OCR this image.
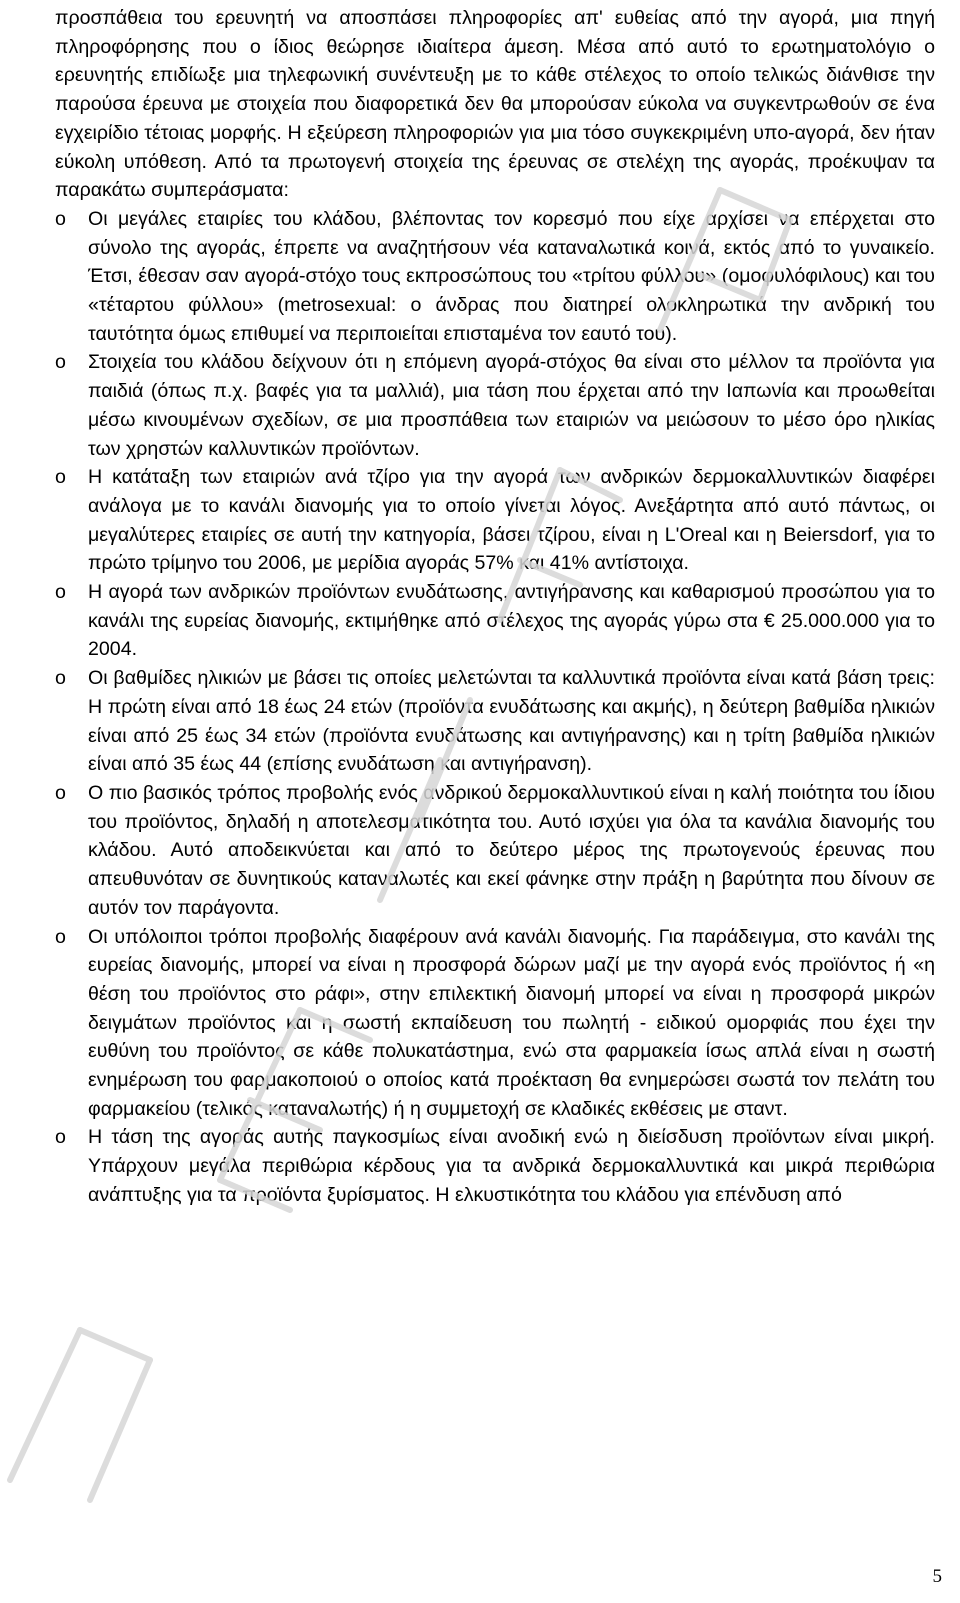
προσπάθεια του ερευνητή να αποσπάσει πληροφορίες απ' ευθείας από την αγορά, μια πηγή πληροφόρησης που ο ίδιος θεώρησε ιδιαίτερα άμεση. Μέσα από αυτό το ερωτηματολόγιο ο ερευνητής επιδίωξε μια τηλεφωνική συνέντευξη με το κάθε στέλεχος το οποίο τελικώς διάνθισε την παρούσα έρευνα με στοιχεία που διαφορετικά δεν θα μπορούσαν εύκολα να συγκεντρωθούν σε ένα εγχειρίδιο τέτοιας μορφής. Η εξεύρεση πληροφοριών για μια τόσο συγκεκριμένη υπο-αγορά, δεν ήταν εύκολη υπόθεση. Από τα πρωτογενή στοιχεία της έρευνας σε στελέχη της αγοράς, προέκυψαν τα παρακάτω συμπεράσματα:

o Οι μεγάλες εταιρίες του κλάδου, βλέποντας τον κορεσμό που είχε αρχίσει να επέρχεται στο σύνολο της αγοράς, έπρεπε να αναζητήσουν νέα καταναλωτικά κοινά, εκτός από το γυναικείο. Έτσι, έθεσαν σαν αγορά-στόχο τους εκπροσώπους του «τρίτου φύλλου» (ομοφυλόφιλους) και του «τέταρτου φύλλου» (metrosexual: ο άνδρας που διατηρεί ολοκληρωτικά την ανδρική του ταυτότητα όμως επιθυμεί να περιποιείται επισταμένα τον εαυτό του).
o Στοιχεία του κλάδου δείχνουν ότι η επόμενη αγορά-στόχος θα είναι στο μέλλον τα προϊόντα για παιδιά (όπως π.χ. βαφές για τα μαλλιά), μια τάση που έρχεται από την Ιαπωνία και προωθείται μέσω κινουμένων σχεδίων, σε μια προσπάθεια των εταιριών να μειώσουν το μέσο όρο ηλικίας των χρηστών καλλυντικών προϊόντων.
o Η κατάταξη των εταιριών ανά τζίρο για την αγορά των ανδρικών δερμοκαλλυντικών διαφέρει ανάλογα με το κανάλι διανομής για το οποίο γίνεται λόγος. Ανεξάρτητα από αυτό πάντως, οι μεγαλύτερες εταιρίες σε αυτή την κατηγορία, βάσει τζίρου, είναι η L'Oreal και η Beiersdorf, για το πρώτο τρίμηνο του 2006, με μερίδια αγοράς 57% και 41% αντίστοιχα.
o Η αγορά των ανδρικών προϊόντων ενυδάτωσης, αντιγήρανσης και καθαρισμού προσώπου για το κανάλι της ευρείας διανομής, εκτιμήθηκε από στέλεχος της αγοράς γύρω στα € 25.000.000 για το 2004.
o Οι βαθμίδες ηλικιών με βάσει τις οποίες μελετώνται τα καλλυντικά προϊόντα είναι κατά βάση τρεις: Η πρώτη είναι από 18 έως 24 ετών (προϊόντα ενυδάτωσης και ακμής), η δεύτερη βαθμίδα ηλικιών είναι από 25 έως 34 ετών (προϊόντα ενυδάτωσης και αντιγήρανσης) και η τρίτη βαθμίδα ηλικιών είναι από 35 έως 44 (επίσης ενυδάτωση και αντιγήρανση).
o Ο πιο βασικός τρόπος προβολής ενός ανδρικού δερμοκαλλυντικού είναι η καλή ποιότητα του ίδιου του προϊόντος, δηλαδή η αποτελεσματικότητα του. Αυτό ισχύει για όλα τα κανάλια διανομής του κλάδου. Αυτό αποδεικνύεται και από το δεύτερο μέρος της πρωτογενούς έρευνας που απευθυνόταν σε δυνητικούς καταναλωτές και εκεί φάνηκε στην πράξη η βαρύτητα που δίνουν σε αυτόν τον παράγοντα.
o Οι υπόλοιποι τρόποι προβολής διαφέρουν ανά κανάλι διανομής. Για παράδειγμα, στο κανάλι της ευρείας διανομής, μπορεί να είναι η προσφορά δώρων μαζί με την αγορά ενός προϊόντος ή «η θέση του προϊόντος στο ράφι», στην επιλεκτική διανομή μπορεί να είναι η προσφορά μικρών δειγμάτων προϊόντος και η σωστή εκπαίδευση του πωλητή - ειδικού ομορφιάς που έχει την ευθύνη του προϊόντος σε κάθε πολυκατάστημα, ενώ στα φαρμακεία ίσως απλά είναι η σωστή ενημέρωση του φαρμακοποιού ο οποίος κατά προέκταση θα ενημερώσει σωστά τον πελάτη του φαρμακείου (τελικός καταναλωτής) ή η συμμετοχή σε κλαδικές εκθέσεις με σταντ.
o Η τάση της αγοράς αυτής παγκοσμίως είναι ανοδική ενώ η διείσδυση προϊόντων είναι μικρή. Υπάρχουν μεγάλα περιθώρια κέρδους για τα ανδρικά δερμοκαλλυντικά και μικρά περιθώρια ανάπτυξης για τα προϊόντα ξυρίσματος. Η ελκυστικότητα του κλάδου για επένδυση από
5
